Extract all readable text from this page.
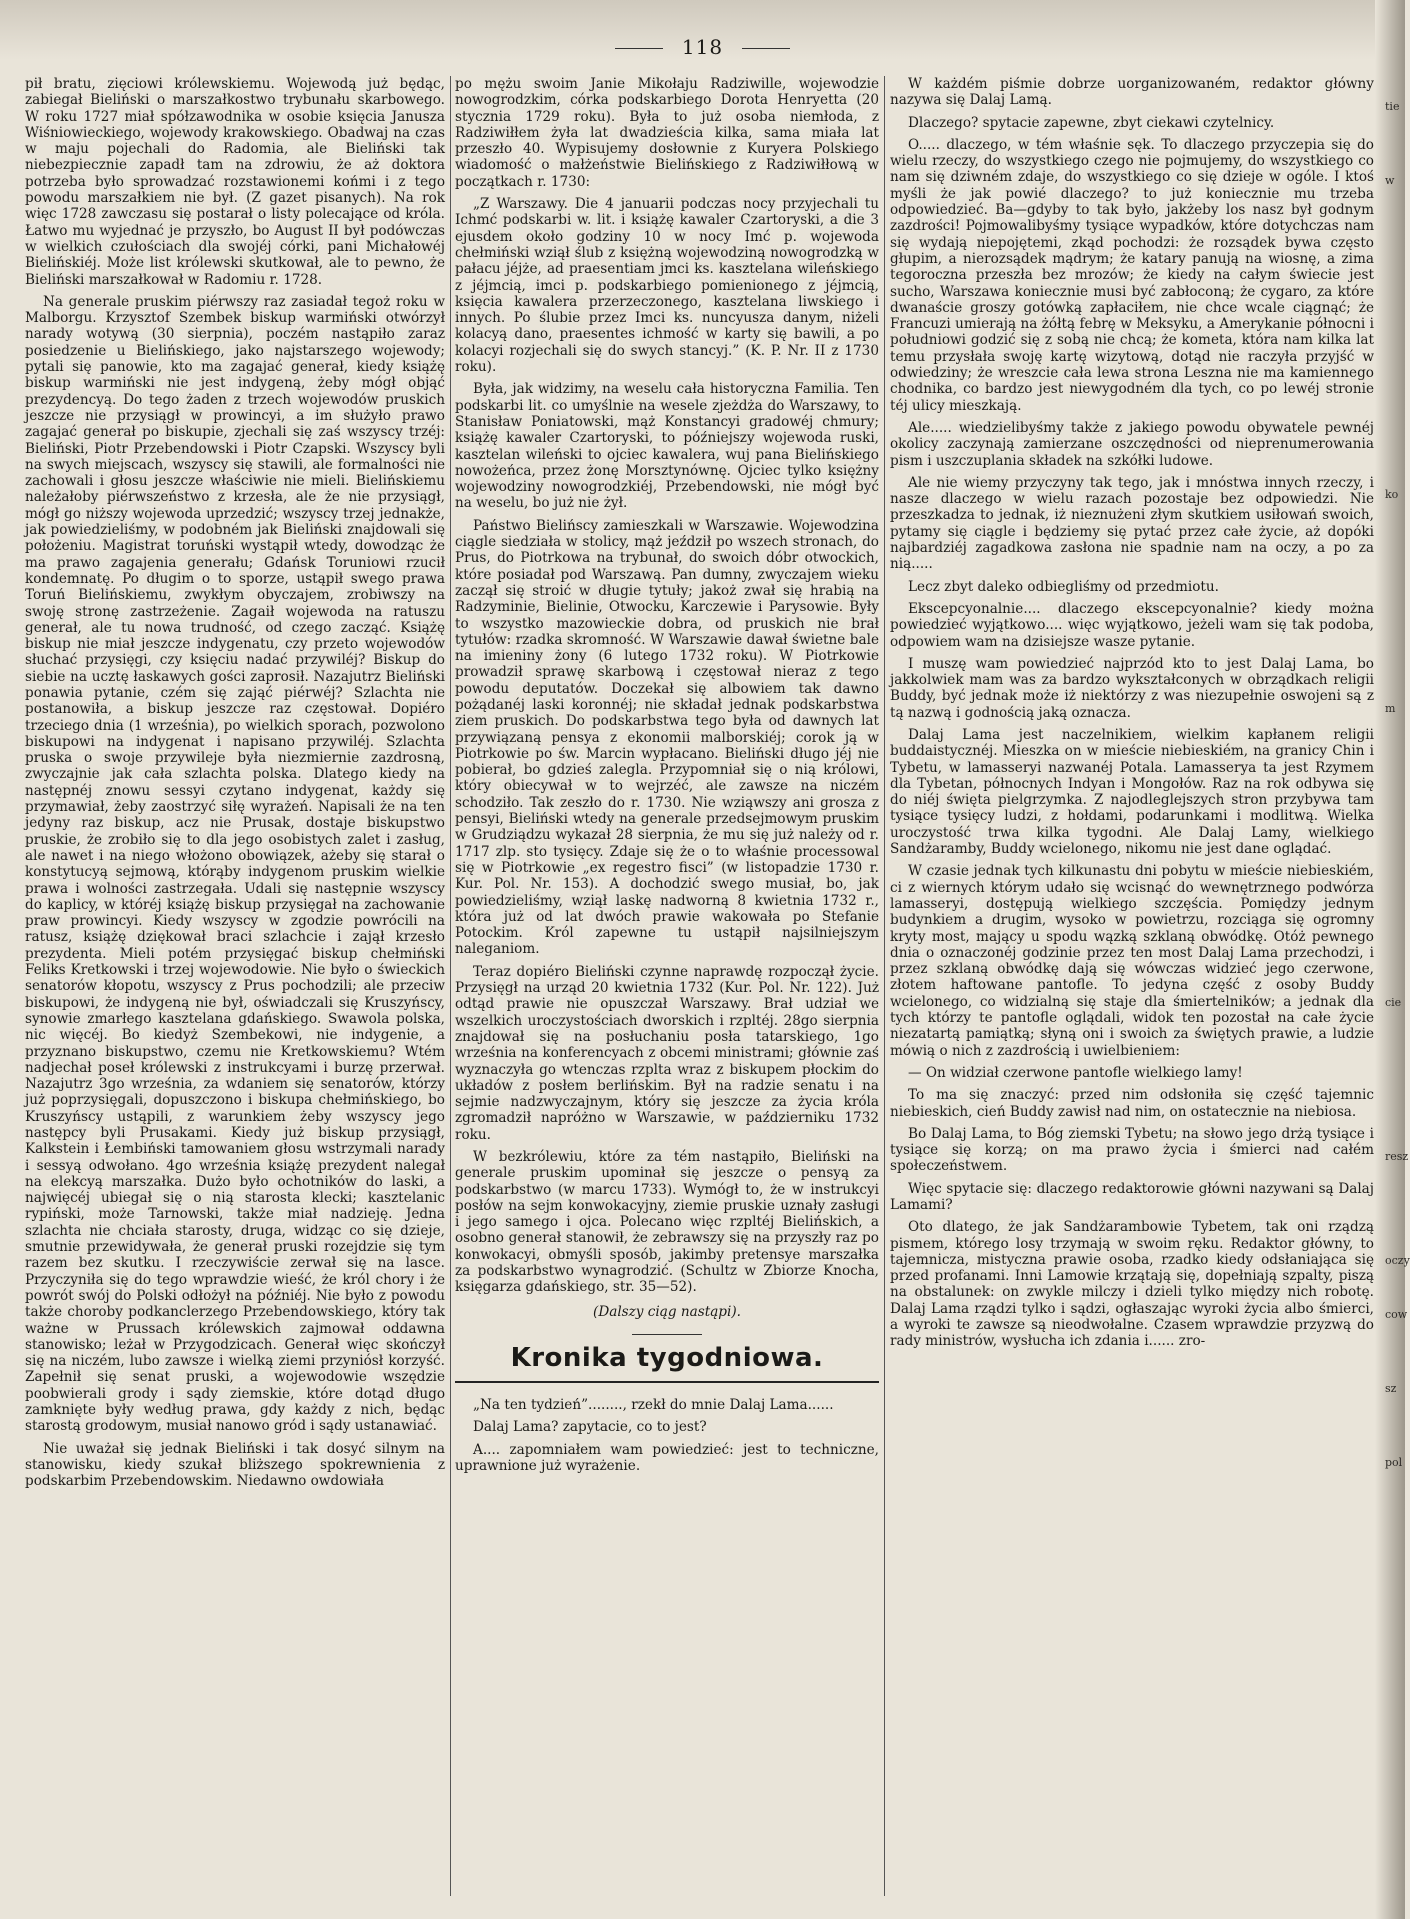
118

pił bratu, zięciowi królewskiemu. Wojewodą już będąc, zabiegał Bieliński o marszałkostwo trybunału skarbowego. W roku 1727 miał spółzawodnika w osobie księcia Janusza Wiśniowieckiego, wojewody krakowskiego. Obadwaj na czas w maju pojechali do Radomia, ale Bieliński tak niebezpiecznie zapadł tam na zdrowiu, że aż doktora potrzeba było sprowadzać rozstawionemi końmi i z tego powodu marszałkiem nie był. (Z gazet pisanych). Na rok więc 1728 zawczasu się postarał o listy polecające od króla. Łatwo mu wyjednać je przyszło, bo August II był podówczas w wielkich czułościach dla swojéj córki, pani Michałowéj Bielińskiéj. Może list królewski skutkował, ale to pewno, że Bieliński marszałkował w Radomiu r. 1728.

Na generale pruskim piérwszy raz zasiadał tegoż roku w Malborgu. Krzysztof Szembek biskup warmiński otwórzył narady wotywą (30 sierpnia), poczém nastąpiło zaraz posiedzenie u Bielińskiego, jako najstarszego wojewody; pytali się panowie, kto ma zagajać generał, kiedy książę biskup warmiński nie jest indygeną, żeby mógł objąć prezydencyą. Do tego żaden z trzech wojewodów pruskich jeszcze nie przysiągł w prowincyi, a im służyło prawo zagajać generał po biskupie, zjechali się zaś wszyscy trzéj: Bieliński, Piotr Przebendowski i Piotr Czapski. Wszyscy byli na swych miejscach, wszyscy się stawili, ale formalności nie zachowali i głosu jeszcze właściwie nie mieli. Bielińskiemu należałoby piérwszeństwo z krzesła, ale że nie przysiągł, mógł go niższy wojewoda uprzedzić; wszyscy trzej jednakże, jak powiedzieliśmy, w podobném jak Bieliński znajdowali się położeniu. Magistrat toruński wystąpił wtedy, dowodząc że ma prawo zagajenia generału; Gdańsk Toruniowi rzucił kondemnatę. Po długim o to sporze, ustąpił swego prawa Toruń Bielińskiemu, zwykłym obyczajem, zrobiwszy na swoję stronę zastrzeżenie. Zagaił wojewoda na ratuszu generał, ale tu nowa trudność, od czego zacząć. Książę biskup nie miał jeszcze indygenatu, czy przeto wojewodów słuchać przysięgi, czy księciu nadać przywiléj? Biskup do siebie na ucztę łaskawych gości zaprosił. Nazajutrz Bieliński ponawia pytanie, czém się zająć piérwéj? Szlachta nie postanowiła, a biskup jeszcze raz częstował. Dopiéro trzeciego dnia (1 września), po wielkich sporach, pozwolono biskupowi na indygenat i napisano przywiléj. Szlachta pruska o swoje przywileje była niezmiernie zazdrosną, zwyczajnie jak cała szlachta polska. Dlatego kiedy na następnéj znowu sessyi czytano indygenat, każdy się przymawiał, żeby zaostrzyć siłę wyrażeń. Napisali że na ten jedyny raz biskup, acz nie Prusak, dostaje biskupstwo pruskie, że zrobiło się to dla jego osobistych zalet i zasług, ale nawet i na niego włożono obowiązek, ażeby się starał o konstytucyą sejmową, którąby indygenom pruskim wielkie prawa i wolności zastrzegała. Udali się następnie wszyscy do kaplicy, w któréj książę biskup przysięgał na zachowanie praw prowincyi. Kiedy wszyscy w zgodzie powrócili na ratusz, książę dziękował braci szlachcie i zajął krzesło prezydenta. Mieli potém przysięgać biskup chełmiński Feliks Kretkowski i trzej wojewodowie. Nie było o świeckich senatorów kłopotu, wszyscy z Prus pochodzili; ale przeciw biskupowi, że indygeną nie był, oświadczali się Kruszyńscy, synowie zmarłego kasztelana gdańskiego. Swawola polska, nic więcéj. Bo kiedyż Szembekowi, nie indygenie, a przyznano biskupstwo, czemu nie Kretkowskiemu? Wtém nadjechał poseł królewski z instrukcyami i burzę przerwał. Nazajutrz 3go września, za wdaniem się senatorów, którzy już poprzysięgali, dopuszczono i biskupa chełmińskiego, bo Kruszyńscy ustąpili, z warunkiem żeby wszyscy jego następcy byli Prusakami. Kiedy już biskup przysiągł, Kalkstein i Łembiński tamowaniem głosu wstrzymali narady i sessyą odwołano. 4go września książę prezydent nalegał na elekcyą marszałka. Dużo było ochotników do laski, a najwięcéj ubiegał się o nią starosta klecki; kasztelanic rypiński, może Tarnowski, także miał nadzieję. Jedna szlachta nie chciała starosty, druga, widząc co się dzieje, smutnie przewidywała, że generał pruski rozejdzie się tym razem bez skutku. I rzeczywiście zerwał się na lasce. Przyczyniła się do tego wprawdzie wieść, że król chory i że powrót swój do Polski odłożył na późniéj. Nie było z powodu także choroby podkanclerzego Przebendowskiego, który tak ważne w Prussach królewskich zajmował oddawna stanowisko; leżał w Przygodzicach. Generał więc skończył się na niczém, lubo zawsze i wielką ziemi przyniósł korzyść. Zapełnił się senat pruski, a wojewodowie wszędzie poobwierali grody i sądy ziemskie, które dotąd długo zamknięte były według prawa, gdy każdy z nich, będąc starostą grodowym, musiał nanowo gród i sądy ustanawiać.

Nie uważał się jednak Bieliński i tak dosyć silnym na stanowisku, kiedy szukał bliższego spokrewnienia z podskarbim Przebendowskim. Niedawno owdowiała

po mężu swoim Janie Mikołaju Radziwille, wojewodzie nowogrodzkim, córka podskarbiego Dorota Henryetta (20 stycznia 1729 roku). Była to już osoba niemłoda, z Radziwiłłem żyła lat dwadzieścia kilka, sama miała lat przeszło 40. Wypisujemy dosłownie z Kuryera Polskiego wiadomość o małżeństwie Bielińskiego z Radziwiłłową w początkach r. 1730:

„Z Warszawy. Die 4 januarii podczas nocy przyjechali tu Ichmć podskarbi w. lit. i książę kawaler Czartoryski, a die 3 ejusdem około godziny 10 w nocy Imć p. wojewoda chełmiński wziął ślub z księżną wojewodziną nowogrodzką w pałacu jéjże, ad praesentiam jmci ks. kasztelana wileńskiego z jéjmcią, imci p. podskarbiego pomienionego z jéjmcią, księcia kawalera przerzeczonego, kasztelana liwskiego i innych. Po ślubie przez Imci ks. nuncyusza danym, niżeli kolacyą dano, praesentes ichmość w karty się bawili, a po kolacyi rozjechali się do swych stancyj.” (K. P. Nr. II z 1730 roku).

Była, jak widzimy, na weselu cała historyczna Familia. Ten podskarbi lit. co umyślnie na wesele zjeżdża do Warszawy, to Stanisław Poniatowski, mąż Konstancyi gradowéj chmury; książę kawaler Czartoryski, to późniejszy wojewoda ruski, kasztelan wileński to ojciec kawalera, wuj pana Bielińskiego nowożeńca, przez żonę Morsztynównę. Ojciec tylko księżny wojewodziny nowogrodzkiéj, Przebendowski, nie mógł być na weselu, bo już nie żył.

Państwo Bielińscy zamieszkali w Warszawie. Wojewodzina ciągle siedziała w stolicy, mąż jeździł po wszech stronach, do Prus, do Piotrkowa na trybunał, do swoich dóbr otwockich, które posiadał pod Warszawą. Pan dumny, zwyczajem wieku zaczął się stroić w długie tytuły; jakoż zwał się hrabią na Radzyminie, Bielinie, Otwocku, Karczewie i Parysowie. Były to wszystko mazowieckie dobra, od pruskich nie brał tytułów: rzadka skromność. W Warszawie dawał świetne bale na imieniny żony (6 lutego 1732 roku). W Piotrkowie prowadził sprawę skarbową i częstował nieraz z tego powodu deputatów. Doczekał się albowiem tak dawno pożądanéj laski koronnéj; nie składał jednak podskarbstwa ziem pruskich. Do podskarbstwa tego była od dawnych lat przywiązaną pensya z ekonomii malborskiéj; corok ją w Piotrkowie po św. Marcin wypłacano. Bieliński długo jéj nie pobierał, bo gdzieś zalegla. Przypomniał się o nią królowi, który obiecywał w to wejrzéć, ale zawsze na niczém schodziło. Tak zeszło do r. 1730. Nie wziąwszy ani grosza z pensyi, Bieliński wtedy na generale przedsejmowym pruskim w Grudziądzu wykazał 28 sierpnia, że mu się już należy od r. 1717 zlp. sto tysięcy. Zdaje się że o to właśnie processowal się w Piotrkowie „ex regestro fisci” (w listopadzie 1730 r. Kur. Pol. Nr. 153). A dochodzić swego musiał, bo, jak powiedzieliśmy, wziął laskę nadworną 8 kwietnia 1732 r., która już od lat dwóch prawie wakowała po Stefanie Potockim. Król zapewne tu ustąpił najsilniejszym naleganiom.

Teraz dopiéro Bieliński czynne naprawdę rozpoczął życie. Przysięgł na urząd 20 kwietnia 1732 (Kur. Pol. Nr. 122). Już odtąd prawie nie opuszczał Warszawy. Brał udział we wszelkich uroczystościach dworskich i rzpltéj. 28go sierpnia znajdował się na posłuchaniu posła tatarskiego, 1go września na konferencyach z obcemi ministrami; głównie zaś wyznaczyła go wtenczas rzplta wraz z biskupem płockim do układów z posłem berlińskim. Był na radzie senatu i na sejmie nadzwyczajnym, który się jeszcze za życia króla zgromadził napróżno w Warszawie, w październiku 1732 roku.

W bezkrólewiu, które za tém nastąpiło, Bieliński na generale pruskim upominał się jeszcze o pensyą za podskarbstwo (w marcu 1733). Wymógł to, że w instrukcyi posłów na sejm konwokacyjny, ziemie pruskie uznały zasługi i jego samego i ojca. Polecano więc rzpltéj Bielińskich, a osobno generał stanowił, że zebrawszy się na przyszły raz po konwokacyi, obmyśli sposób, jakimby pretensye marszałka za podskarbstwo wynagrodzić. (Schultz w Zbiorze Knocha, księgarza gdańskiego, str. 35—52).

(Dalszy ciąg nastąpi).
Kronika tygodniowa.

„Na ten tydzień”........, rzekł do mnie Dalaj Lama......

Dalaj Lama? zapytacie, co to jest?

A.... zapomniałem wam powiedzieć: jest to techniczne, uprawnione już wyrażenie.

W każdém piśmie dobrze uorganizowaném, redaktor główny nazywa się Dalaj Lamą.

Dlaczego? spytacie zapewne, zbyt ciekawi czytelnicy.

O..... dlaczego, w tém właśnie sęk. To dlaczego przyczepia się do wielu rzeczy, do wszystkiego czego nie pojmujemy, do wszystkiego co nam się dziwném zdaje, do wszystkiego co się dzieje w ogóle. I ktoś myśli że jak powié dlaczego? to już koniecznie mu trzeba odpowiedzieć. Ba—gdyby to tak było, jakżeby los nasz był godnym zazdrości! Pojmowalibyśmy tysiące wypadków, które dotychczas nam się wydają niepojętemi, zkąd pochodzi: że rozsądek bywa często głupim, a nierozsądek mądrym; że katary panują na wiosnę, a zima tegoroczna przeszła bez mrozów; że kiedy na całym świecie jest sucho, Warszawa koniecznie musi być zabłoconą; że cygaro, za które dwanaście groszy gotówką zapłaciłem, nie chce wcale ciągnąć; że Francuzi umierają na żółtą febrę w Meksyku, a Amerykanie północni i południowi godzić się z sobą nie chcą; że kometa, która nam kilka lat temu przysłała swoję kartę wizytową, dotąd nie raczyła przyjść w odwiedziny; że wreszcie cała lewa strona Leszna nie ma kamiennego chodnika, co bardzo jest niewygodném dla tych, co po lewéj stronie téj ulicy mieszkają.

Ale..... wiedzielibyśmy także z jakiego powodu obywatele pewnéj okolicy zaczynają zamierzane oszczędności od nieprenumerowania pism i uszczuplania składek na szkółki ludowe.

Ale nie wiemy przyczyny tak tego, jak i mnóstwa innych rzeczy, i nasze dlaczego w wielu razach pozostaje bez odpowiedzi. Nie przeszkadza to jednak, iż nieznużeni złym skutkiem usiłowań swoich, pytamy się ciągle i będziemy się pytać przez całe życie, aż dopóki najbardziéj zagadkowa zasłona nie spadnie nam na oczy, a po za nią.....

Lecz zbyt daleko odbiegliśmy od przedmiotu.

Ekscepcyonalnie.... dlaczego ekscepcyonalnie? kiedy można powiedzieć wyjątkowo.... więc wyjątkowo, jeżeli wam się tak podoba, odpowiem wam na dzisiejsze wasze pytanie.

I muszę wam powiedzieć najprzód kto to jest Dalaj Lama, bo jakkolwiek mam was za bardzo wykształconych w obrządkach religii Buddy, być jednak może iż niektórzy z was niezupełnie oswojeni są z tą nazwą i godnością jaką oznacza.

Dalaj Lama jest naczelnikiem, wielkim kapłanem religii buddaistycznéj. Mieszka on w mieście niebieskiém, na granicy Chin i Tybetu, w lamasseryi nazwanéj Potala. Lamasserya ta jest Rzymem dla Tybetan, północnych Indyan i Mongołów. Raz na rok odbywa się do niéj święta pielgrzymka. Z najodleglejszych stron przybywa tam tysiące tysięcy ludzi, z hołdami, podarunkami i modlitwą. Wielka uroczystość trwa kilka tygodni. Ale Dalaj Lamy, wielkiego Sandżaramby, Buddy wcielonego, nikomu nie jest dane oglądać.

W czasie jednak tych kilkunastu dni pobytu w mieście niebieskiém, ci z wiernych którym udało się wcisnąć do wewnętrznego podwórza lamasseryi, dostępują wielkiego szczęścia. Pomiędzy jednym budynkiem a drugim, wysoko w powietrzu, rozciąga się ogromny kryty most, mający u spodu wązką szklaną obwódkę. Otóż pewnego dnia o oznaczonéj godzinie przez ten most Dalaj Lama przechodzi, i przez szklaną obwódkę dają się wówczas widzieć jego czerwone, złotem haftowane pantofle. To jedyna część z osoby Buddy wcielonego, co widzialną się staje dla śmiertelników; a jednak dla tych którzy te pantofle oglądali, widok ten pozostał na całe życie niezatartą pamiątką; słyną oni i swoich za świętych prawie, a ludzie mówią o nich z zazdrością i uwielbieniem:

— On widział czerwone pantofle wielkiego lamy!

To ma się znaczyć: przed nim odsłoniła się część tajemnic niebieskich, cień Buddy zawisł nad nim, on ostatecznie na niebiosa.

Bo Dalaj Lama, to Bóg ziemski Tybetu; na słowo jego drżą tysiące i tysiące się korzą; on ma prawo życia i śmierci nad całém społeczeństwem.

Więc spytacie się: dlaczego redaktorowie główni nazywani są Dalaj Lamami?

Oto dlatego, że jak Sandżarambowie Tybetem, tak oni rządzą pismem, którego losy trzymają w swoim ręku. Redaktor główny, to tajemnicza, mistyczna prawie osoba, rzadko kiedy odsłaniająca się przed profanami. Inni Lamowie krzątają się, dopełniają szpalty, piszą na obstalunek: on zwykle milczy i dzieli tylko między nich robotę. Dalaj Lama rządzi tylko i sądzi, ogłaszając wyroki życia albo śmierci, a wyroki te zawsze są nieodwołalne. Czasem wprawdzie przyzwą do rady ministrów, wysłucha ich zdania i...... zro-

tie
w
ko
m
cie
resz
oczy
cow
sz
pol
